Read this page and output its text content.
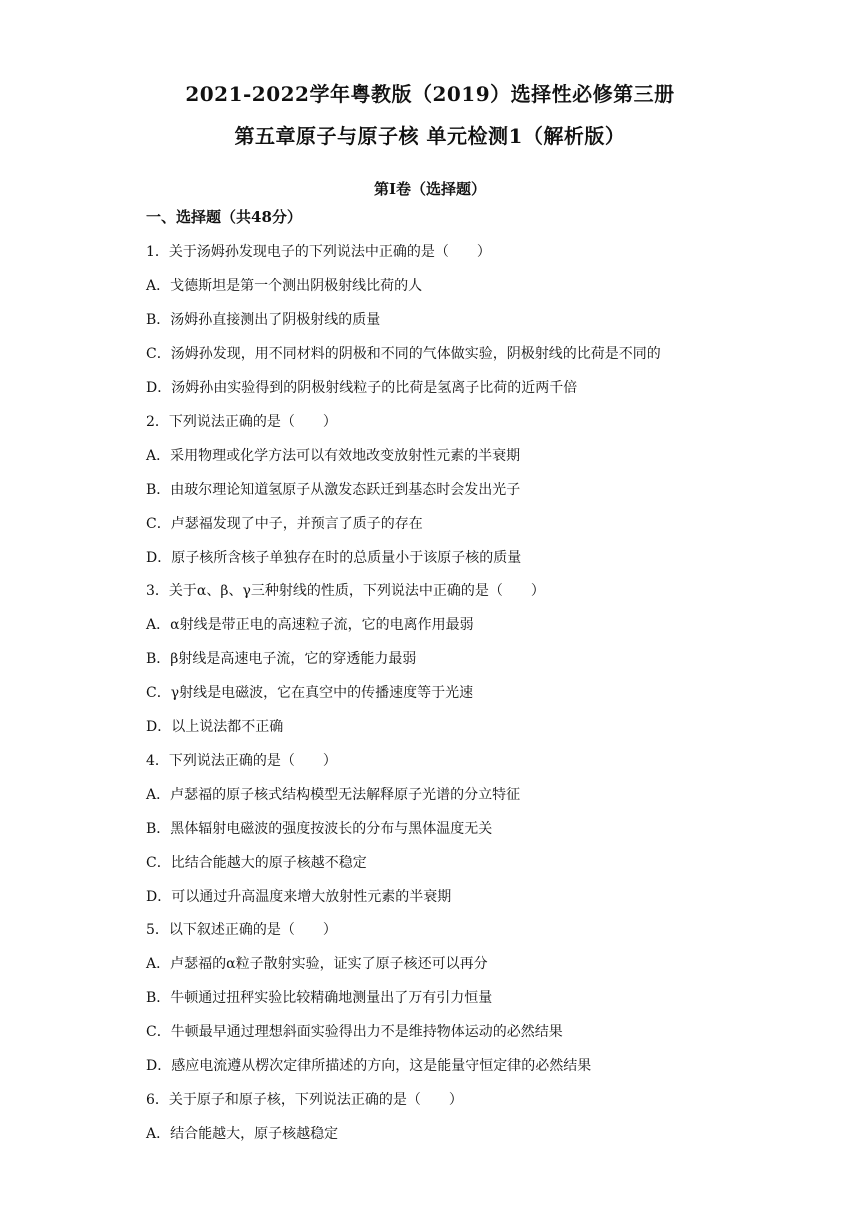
2021-2022学年粤教版（2019）选择性必修第三册
第五章原子与原子核 单元检测1（解析版）
第I卷（选择题）
一、选择题（共48分）
1．关于汤姆孙发现电子的下列说法中正确的是（　　）
A．戈德斯坦是第一个测出阴极射线比荷的人
B．汤姆孙直接测出了阴极射线的质量
C．汤姆孙发现，用不同材料的阴极和不同的气体做实验，阴极射线的比荷是不同的
D．汤姆孙由实验得到的阴极射线粒子的比荷是氢离子比荷的近两千倍
2．下列说法正确的是（　　）
A．采用物理或化学方法可以有效地改变放射性元素的半衰期
B．由玻尔理论知道氢原子从激发态跃迁到基态时会发出光子
C．卢瑟福发现了中子，并预言了质子的存在
D．原子核所含核子单独存在时的总质量小于该原子核的质量
3．关于α、β、γ三种射线的性质，下列说法中正确的是（　　）
A．α射线是带正电的高速粒子流，它的电离作用最弱
B．β射线是高速电子流，它的穿透能力最弱
C．γ射线是电磁波，它在真空中的传播速度等于光速
D．以上说法都不正确
4．下列说法正确的是（　　）
A．卢瑟福的原子核式结构模型无法解释原子光谱的分立特征
B．黑体辐射电磁波的强度按波长的分布与黑体温度无关
C．比结合能越大的原子核越不稳定
D．可以通过升高温度来增大放射性元素的半衰期
5．以下叙述正确的是（　　）
A．卢瑟福的α粒子散射实验，证实了原子核还可以再分
B．牛顿通过扭秤实验比较精确地测量出了万有引力恒量
C．牛顿最早通过理想斜面实验得出力不是维持物体运动的必然结果
D．感应电流遵从楞次定律所描述的方向，这是能量守恒定律的必然结果
6．关于原子和原子核，下列说法正确的是（　　）
A．结合能越大，原子核越稳定
